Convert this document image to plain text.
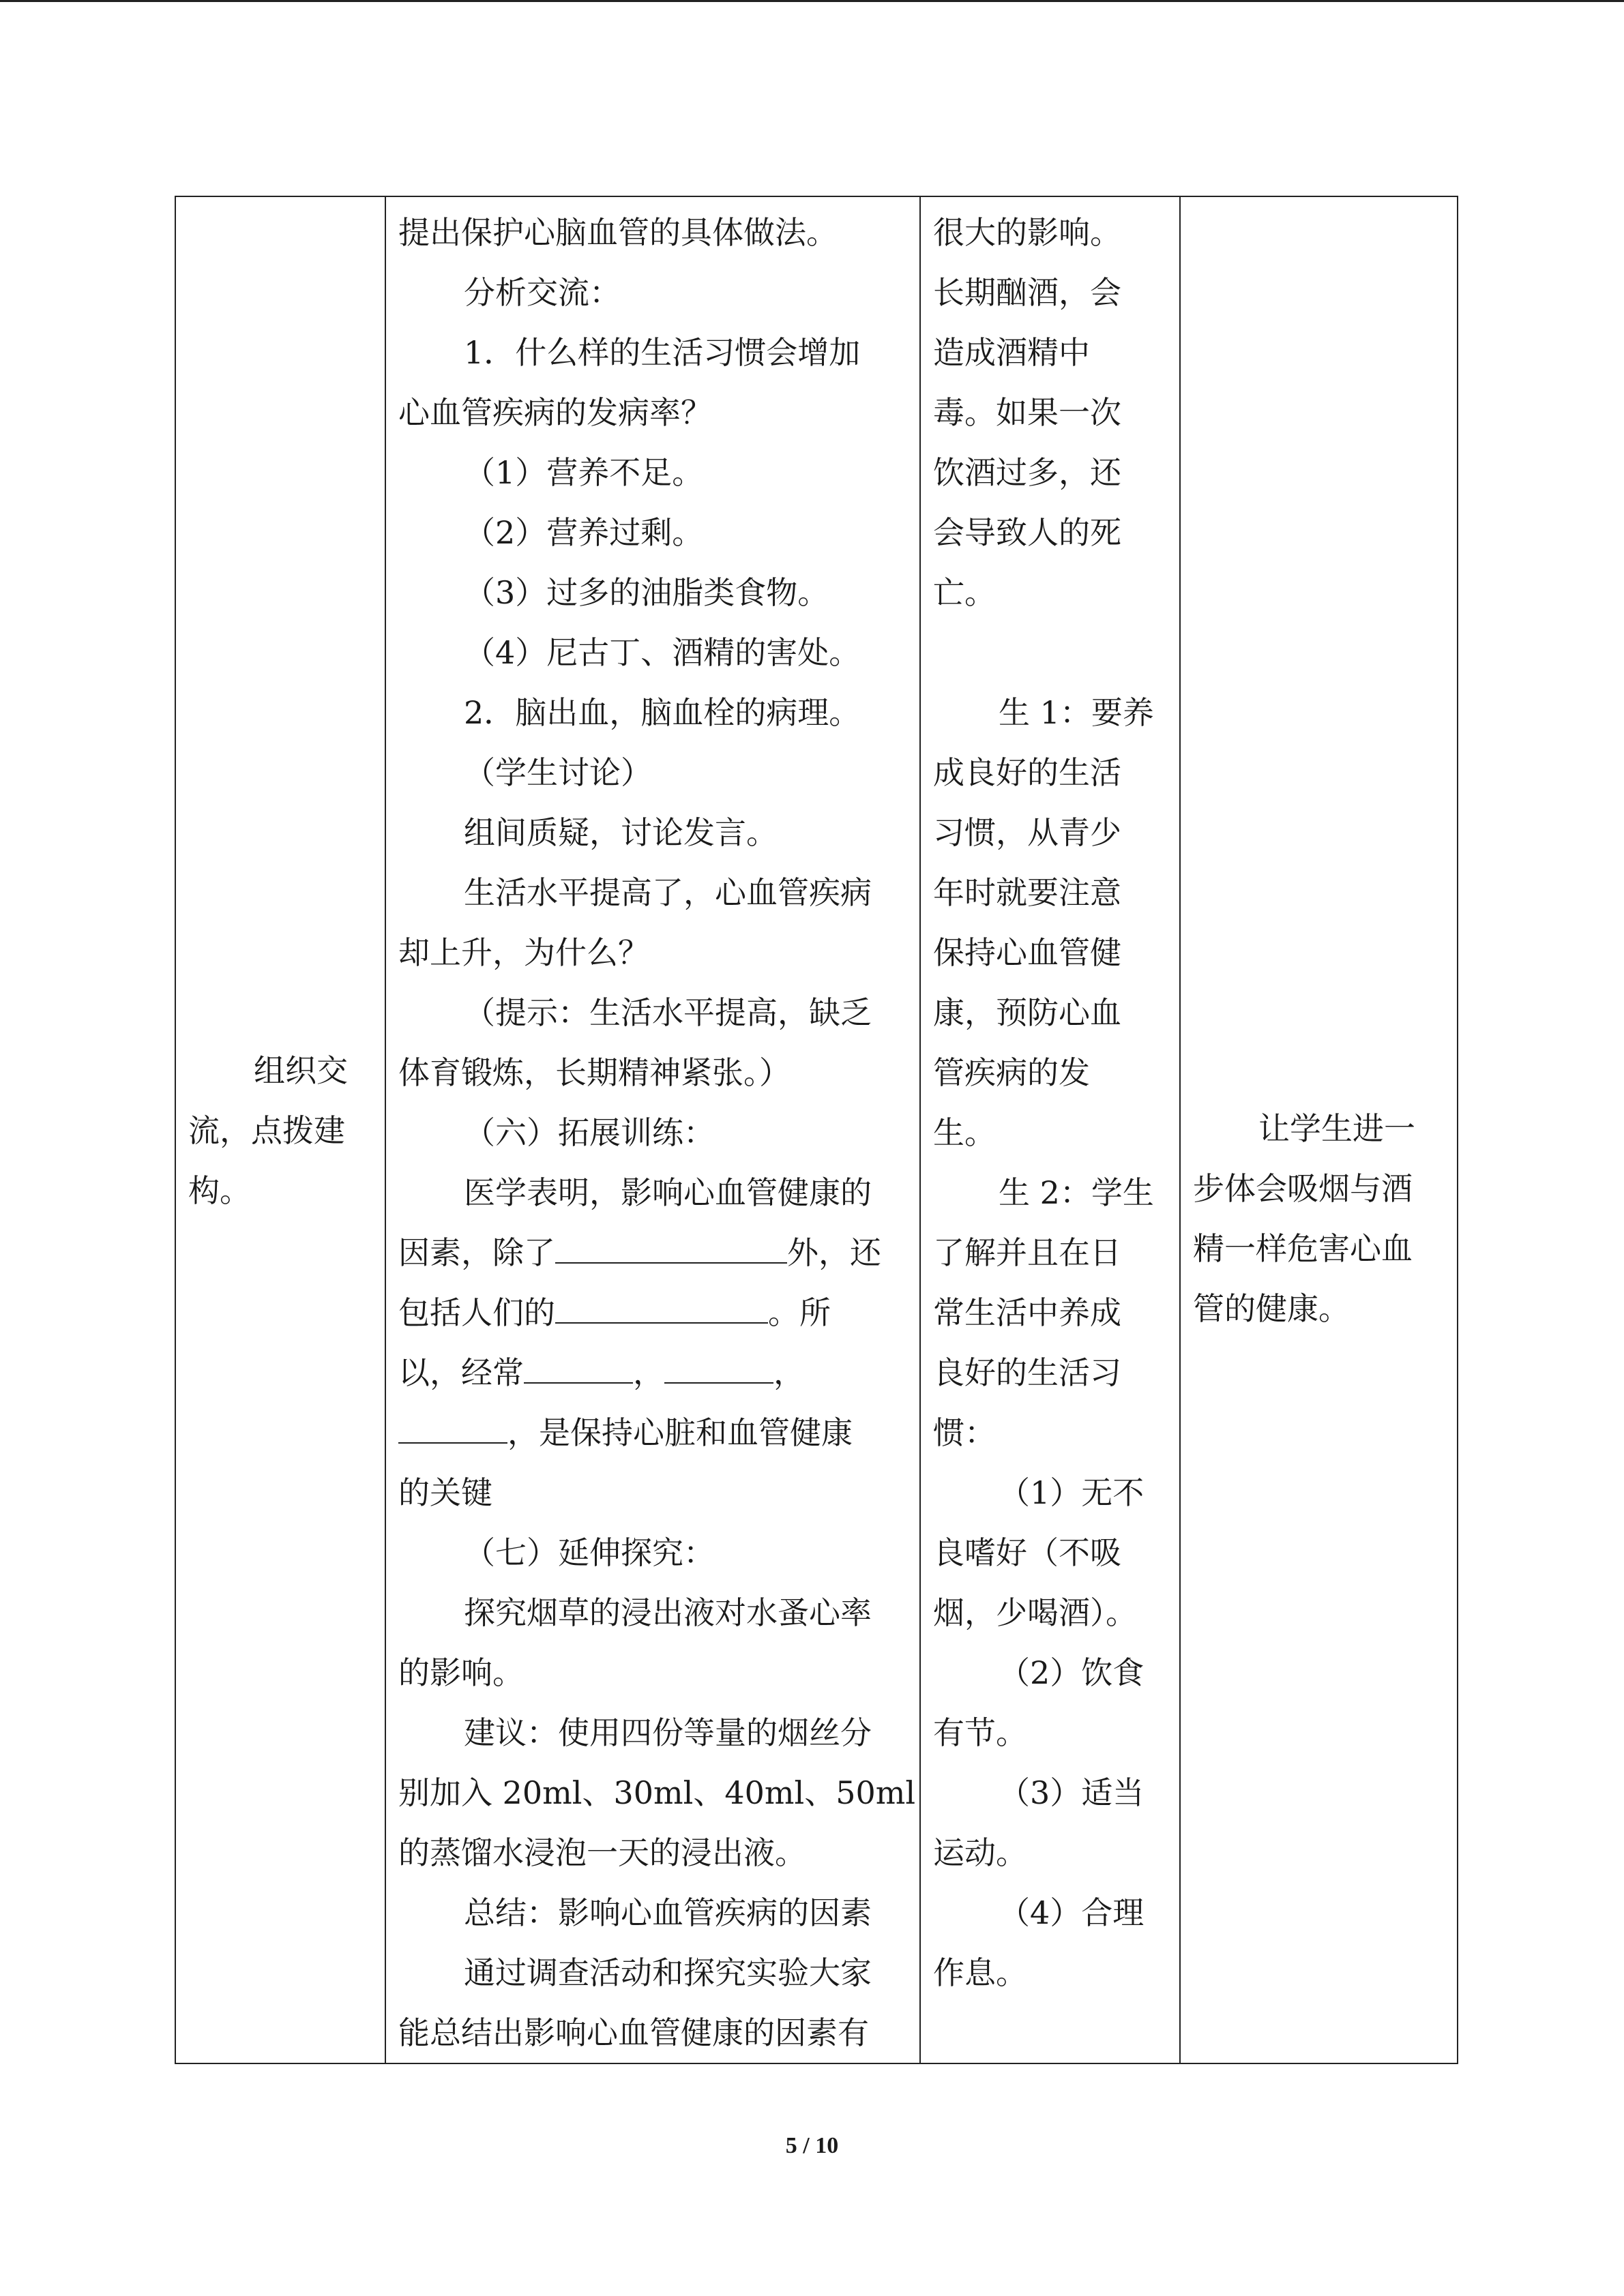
组织交
流，点拨建
构。

提出保护心脑血管的具体做法。
分析交流：
1．什么样的生活习惯会增加
心血管疾病的发病率？
（1）营养不足。
（2）营养过剩。
（3）过多的油脂类食物。
（4）尼古丁、酒精的害处。
2．脑出血，脑血栓的病理。
（学生讨论）
组间质疑，讨论发言。
生活水平提高了，心血管疾病
却上升，为什么？
（提示：生活水平提高，缺乏
体育锻炼，长期精神紧张。）
（六）拓展训练：
医学表明，影响心血管健康的
因素，除了	外，还
包括人们的	。所
以，经常	，	，
，是保持心脏和血管健康
的关键
（七）延伸探究：
探究烟草的浸出液对水蚤心率
的影响。
建议：使用四份等量的烟丝分
别加入 20ml、30ml、40ml、50ml
的蒸馏水浸泡一天的浸出液。
总结：影响心血管疾病的因素
通过调查活动和探究实验大家
能总结出影响心血管健康的因素有

很大的影响。
长期酗酒，会
造成酒精中
毒。如果一次
饮酒过多，还
会导致人的死
亡。
生 1：要养
成良好的生活
习惯，从青少
年时就要注意
保持心血管健
康，预防心血
管疾病的发
生。
生 2：学生
了解并且在日
常生活中养成
良好的生活习
惯：
（1）无不
良嗜好（不吸
烟，少喝酒）。
（2）饮食
有节。
（3）适当
运动。
（4）合理
作息。

让学生进一
步体会吸烟与酒
精一样危害心血
管的健康。
5 / 10
